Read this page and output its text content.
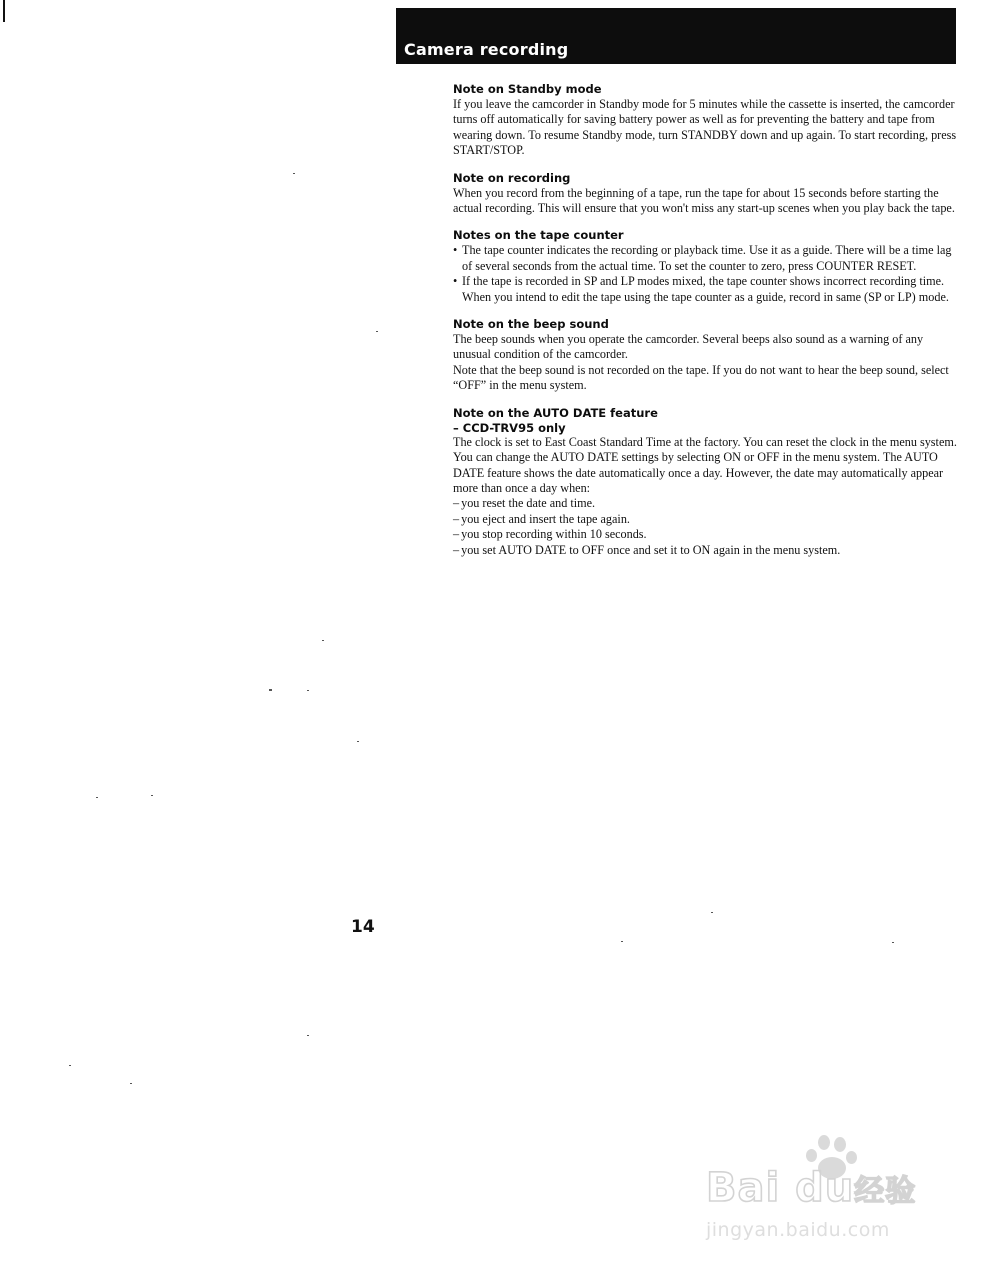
Camera recording
Note on Standby mode

If you leave the camcorder in Standby mode for 5 minutes while the cassette is inserted, the camcorder turns off automatically for saving battery power as well as for preventing the battery and tape from wearing down. To resume Standby mode, turn STANDBY down and up again. To start recording, press START/STOP.

Note on recording

When you record from the beginning of a tape, run the tape for about 15 seconds before starting the actual recording. This will ensure that you won't miss any start-up scenes when you play back the tape.

Notes on the tape counter
• The tape counter indicates the recording or playback time. Use it as a guide. There will be a time lag of several seconds from the actual time. To set the counter to zero, press COUNTER RESET.
• If the tape is recorded in SP and LP modes mixed, the tape counter shows incorrect recording time. When you intend to edit the tape using the tape counter as a guide, record in same (SP or LP) mode.
Note on the beep sound

The beep sounds when you operate the camcorder. Several beeps also sound as a warning of any unusual condition of the camcorder.

Note that the beep sound is not recorded on the tape. If you do not want to hear the beep sound, select “OFF” in the menu system.

Note on the AUTO DATE feature
– CCD-TRV95 only

The clock is set to East Coast Standard Time at the factory. You can reset the clock in the menu system. You can change the AUTO DATE settings by selecting ON or OFF in the menu system. The AUTO DATE feature shows the date automatically once a day. However, the date may automatically appear more than once a day when:

– you reset the date and time.
– you eject and insert the tape again.
– you stop recording within 10 seconds.
– you set AUTO DATE to OFF once and set it to ON again in the menu system.
14
Bai du经验
jingyan.baidu.com
